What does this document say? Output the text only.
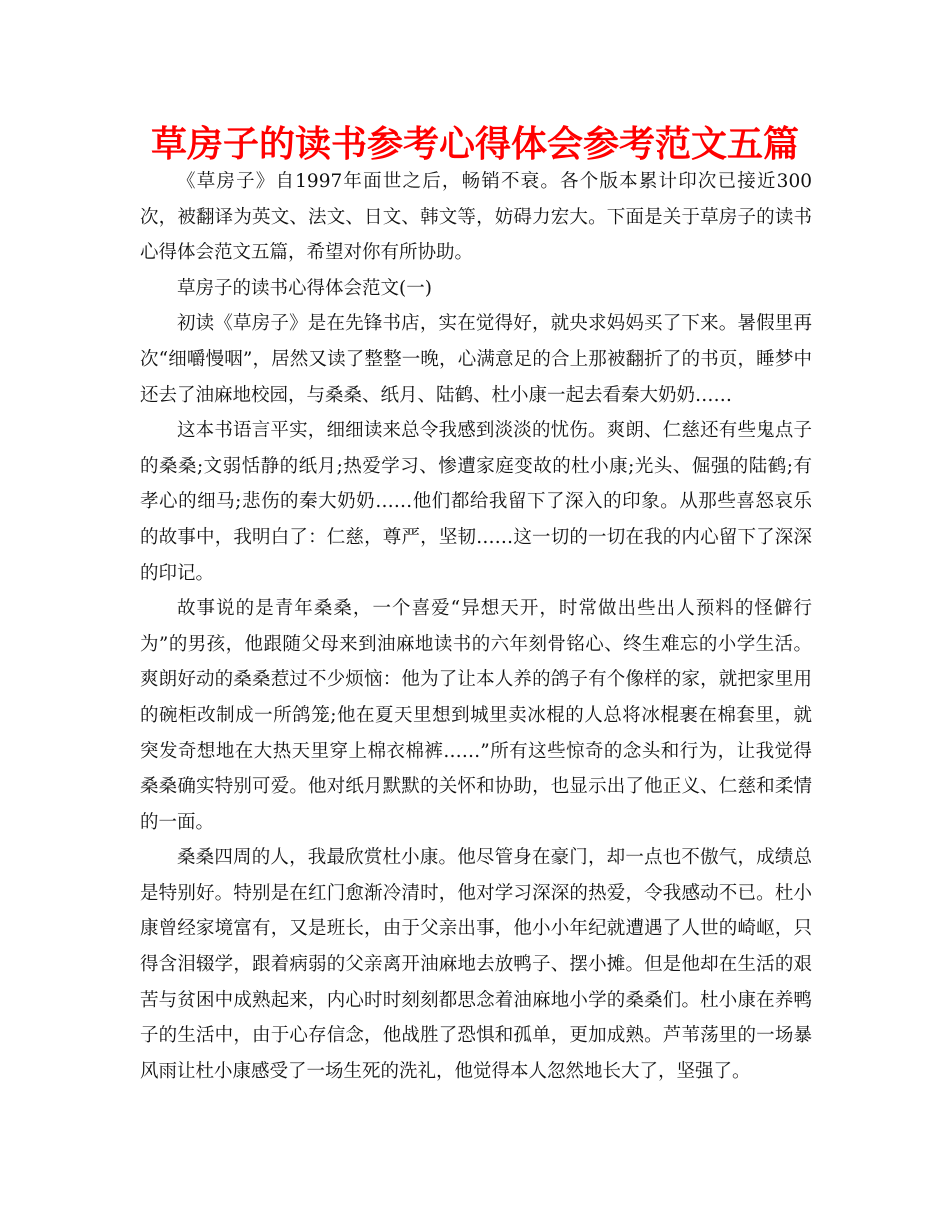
草房子的读书参考心得体会参考范文五篇

《草房子》自1997年面世之后，畅销不衰。各个版本累计印次已接近300次，被翻译为英文、法文、日文、韩文等，妨碍力宏大。下面是关于草房子的读书心得体会范文五篇，希望对你有所协助。

草房子的读书心得体会范文(一)

初读《草房子》是在先锋书店，实在觉得好，就央求妈妈买了下来。暑假里再次“细嚼慢咽”，居然又读了整整一晚，心满意足的合上那被翻折了的书页，睡梦中还去了油麻地校园，与桑桑、纸月、陆鹤、杜小康一起去看秦大奶奶……

这本书语言平实，细细读来总令我感到淡淡的忧伤。爽朗、仁慈还有些鬼点子的桑桑;文弱恬静的纸月;热爱学习、惨遭家庭变故的杜小康;光头、倔强的陆鹤;有孝心的细马;悲伤的秦大奶奶……他们都给我留下了深入的印象。从那些喜怒哀乐的故事中，我明白了：仁慈，尊严，坚韧……这一切的一切在我的内心留下了深深的印记。

故事说的是青年桑桑，一个喜爱“异想天开，时常做出些出人预料的怪僻行为”的男孩，他跟随父母来到油麻地读书的六年刻骨铭心、终生难忘的小学生活。爽朗好动的桑桑惹过不少烦恼：他为了让本人养的鸽子有个像样的家，就把家里用的碗柜改制成一所鸽笼;他在夏天里想到城里卖冰棍的人总将冰棍裹在棉套里，就突发奇想地在大热天里穿上棉衣棉裤……”所有这些惊奇的念头和行为，让我觉得桑桑确实特别可爱。他对纸月默默的关怀和协助，也显示出了他正义、仁慈和柔情的一面。

桑桑四周的人，我最欣赏杜小康。他尽管身在豪门，却一点也不傲气，成绩总是特别好。特别是在红门愈渐冷清时，他对学习深深的热爱，令我感动不已。杜小康曾经家境富有，又是班长，由于父亲出事，他小小年纪就遭遇了人世的崎岖，只得含泪辍学，跟着病弱的父亲离开油麻地去放鸭子、摆小摊。但是他却在生活的艰苦与贫困中成熟起来，内心时时刻刻都思念着油麻地小学的桑桑们。杜小康在养鸭子的生活中，由于心存信念，他战胜了恐惧和孤单，更加成熟。芦苇荡里的一场暴风雨让杜小康感受了一场生死的洗礼，他觉得本人忽然地长大了，坚强了。
